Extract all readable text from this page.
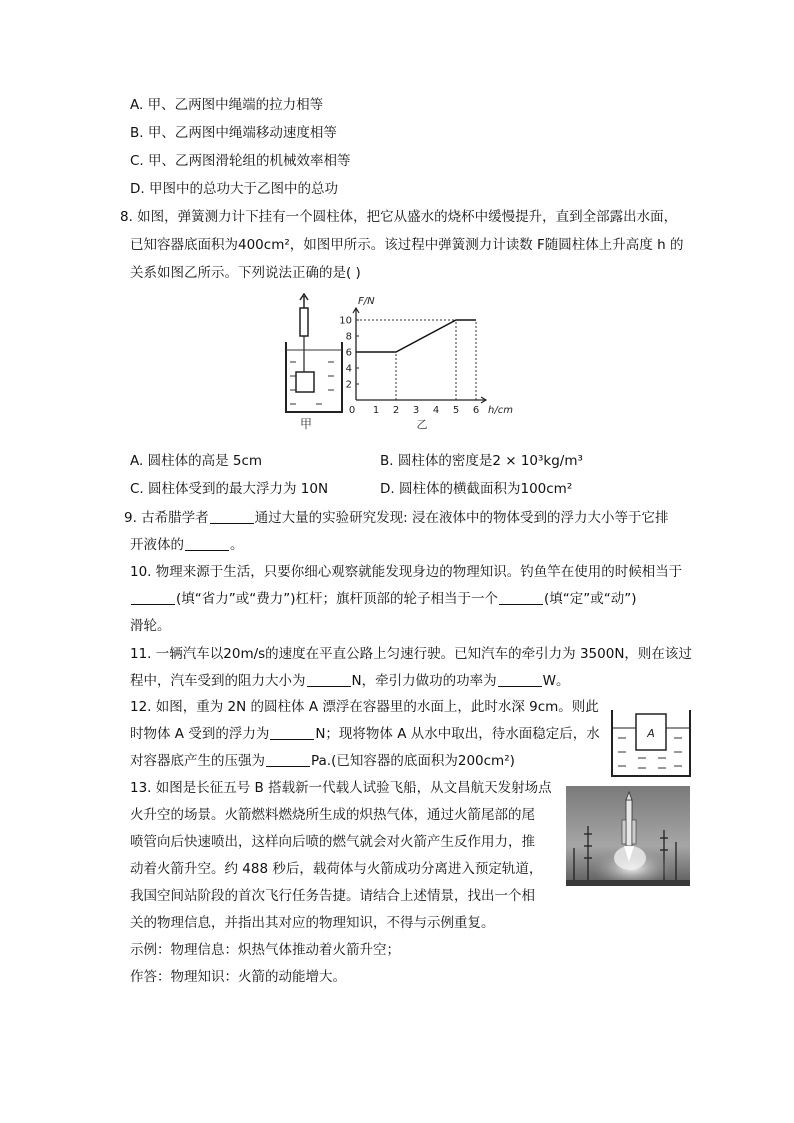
A. 甲、乙两图中绳端的拉力相等
B. 甲、乙两图中绳端移动速度相等
C. 甲、乙两图滑轮组的机械效率相等
D. 甲图中的总功大于乙图中的总功
8. 如图，弹簧测力计下挂有一个圆柱体，把它从盛水的烧杯中缓慢提升，直到全部露出水面，
已知容器底面积为400cm²，如图甲所示。该过程中弹簧测力计读数 F随圆柱体上升高度 h 的
关系如图乙所示。下列说法正确的是( )
甲
0 1 2 3 4 5 6
2
4
6
8
10
F/N
h/cm
乙
A. 圆柱体的高是 5cm	B. 圆柱体的密度是2 × 10³kg/m³
C. 圆柱体受到的最大浮力为 10N	D. 圆柱体的横截面积为100cm²
9. 古希腊学者	通过大量的实验研究发现: 浸在液体中的物体受到的浮力大小等于它排
开液体的	。
10. 物理来源于生活，只要你细心观察就能发现身边的物理知识。钓鱼竿在使用的时候相当于
(填“省力”或“费力”)杠杆；旗杆顶部的轮子相当于一个	(填“定”或“动”)
滑轮。
11. 一辆汽车以20m/s的速度在平直公路上匀速行驶。已知汽车的牵引力为 3500N，则在该过
程中，汽车受到的阻力大小为	N，牵引力做功的功率为	W。
12. 如图，重为 2N 的圆柱体 A 漂浮在容器里的水面上，此时水深 9cm。则此
时物体 A 受到的浮力为	N；现将物体 A 从水中取出，待水面稳定后，水
对容器底产生的压强为	Pa.(已知容器的底面积为200cm²)
A
13. 如图是长征五号 B 搭载新一代载人试验飞船，从文昌航天发射场点
火升空的场景。火箭燃料燃烧所生成的炽热气体，通过火箭尾部的尾
喷管向后快速喷出，这样向后喷的燃气就会对火箭产生反作用力，推
动着火箭升空。约 488 秒后，载荷体与火箭成功分离进入预定轨道，
我国空间站阶段的首次飞行任务告捷。请结合上述情景，找出一个相
关的物理信息，并指出其对应的物理知识，不得与示例重复。
示例：物理信息：炽热气体推动着火箭升空；
作答：物理知识：火箭的动能增大。
